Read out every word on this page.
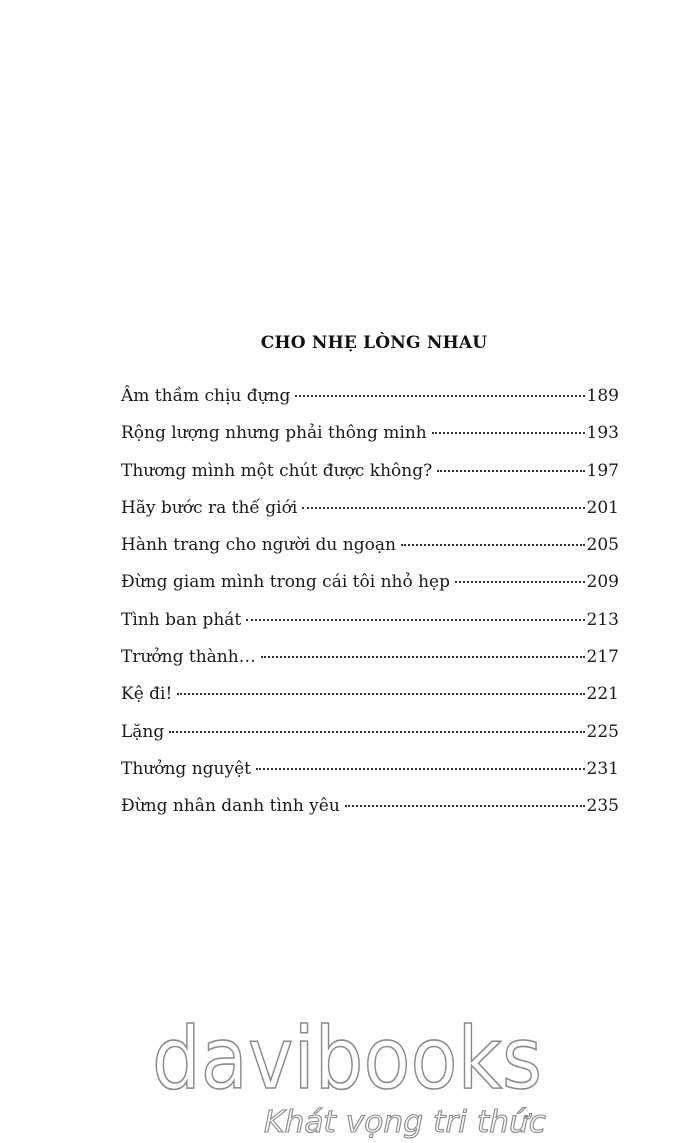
CHO NHẸ LÒNG NHAU
Âm thầm chịu đựng	189
Rộng lượng nhưng phải thông minh	193
Thương mình một chút được không?	197
Hãy bước ra thế giới	201
Hành trang cho người du ngoạn	205
Đừng giam mình trong cái tôi nhỏ hẹp	209
Tình ban phát	213
Trưởng thành…	217
Kệ đi!	221
Lặng	225
Thưởng nguyệt	231
Đừng nhân danh tình yêu	235
davibooks
Khát vọng tri thức
